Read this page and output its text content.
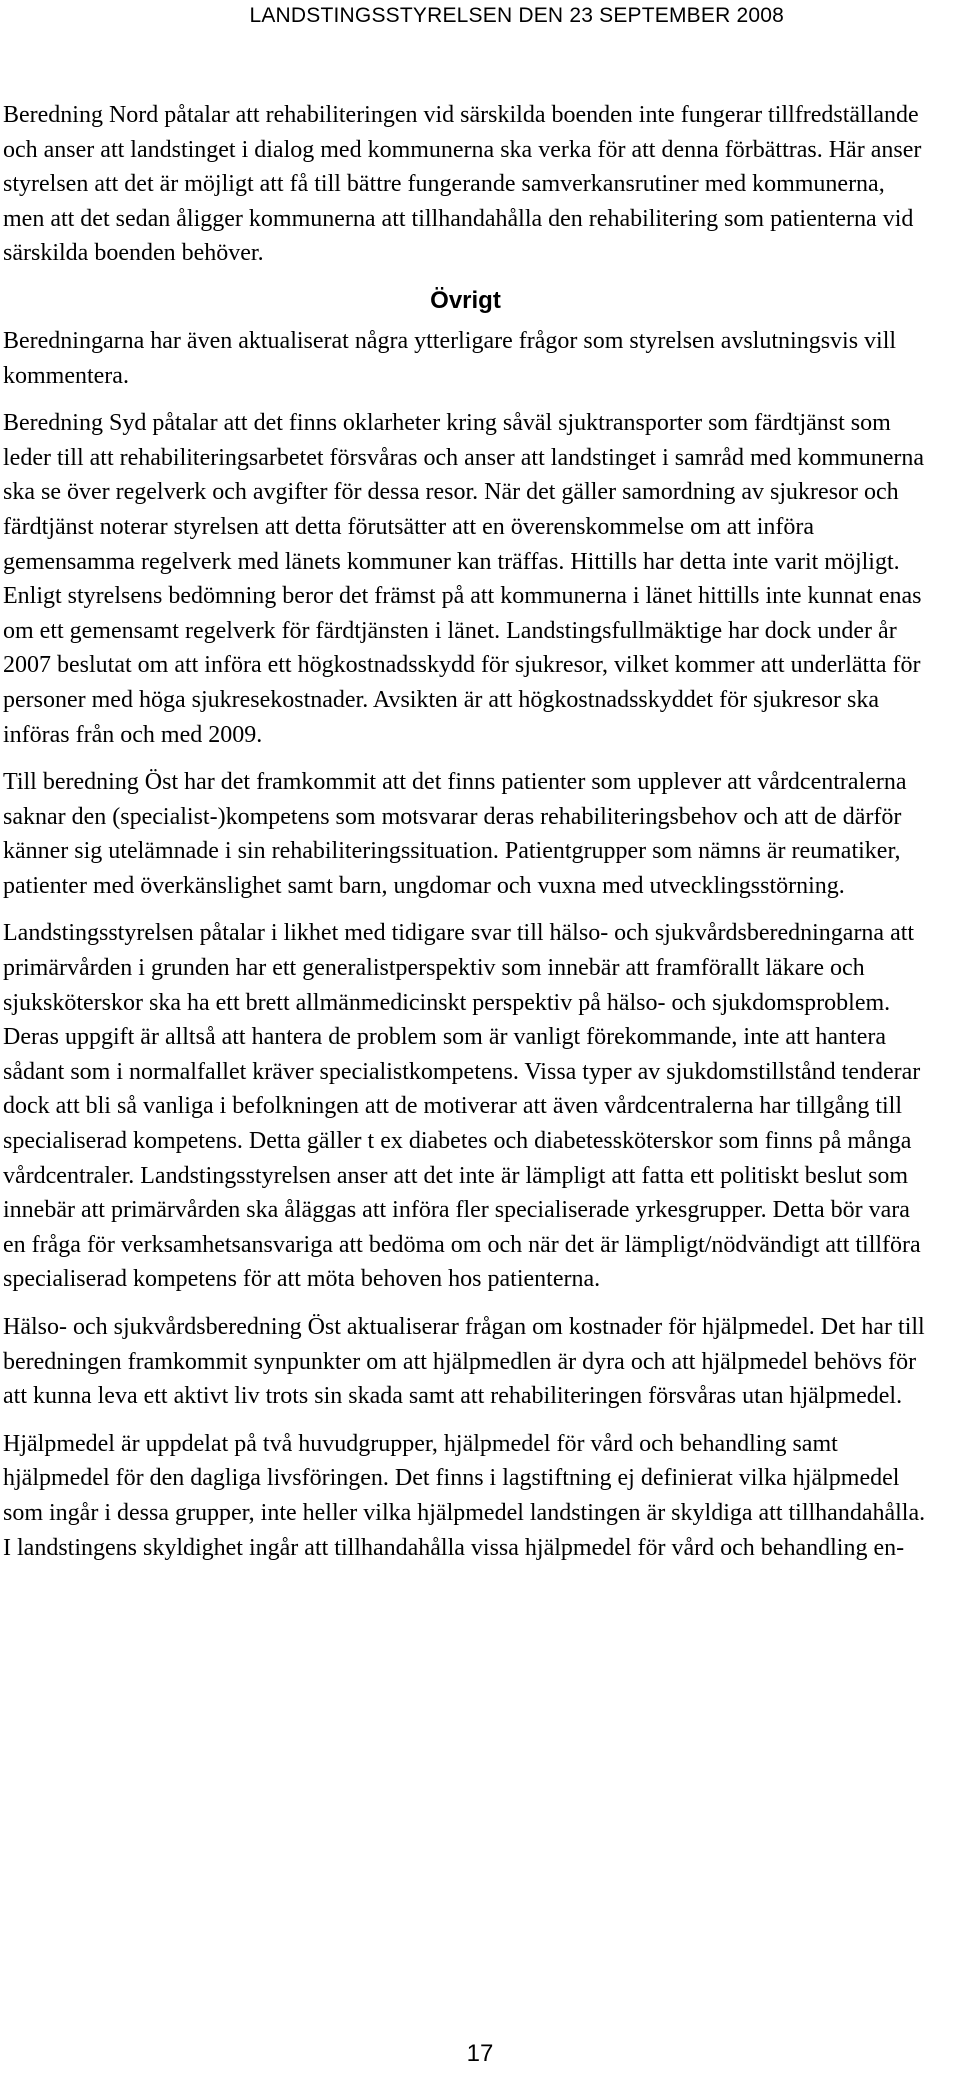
LANDSTINGSSTYRELSEN DEN 23 SEPTEMBER 2008

Beredning Nord påtalar att rehabiliteringen vid särskilda boenden inte fungerar tillfredställande och anser att landstinget i dialog med kommunerna ska verka för att denna förbättras. Här anser styrelsen att det är möjligt att få till bättre fungerande samverkansrutiner med kommunerna, men att det sedan åligger kommunerna att tillhandahålla den rehabilitering som patienterna vid särskilda boenden behöver.

Övrigt

Beredningarna har även aktualiserat några ytterligare frågor som styrelsen avslutningsvis vill kommentera.

Beredning Syd påtalar att det finns oklarheter kring såväl sjuktransporter som färdtjänst som leder till att rehabiliteringsarbetet försvåras och anser att landstinget i samråd med kommunerna ska se över regelverk och avgifter för dessa resor. När det gäller samordning av sjukresor och färdtjänst noterar styrelsen att detta förutsätter att en överenskommelse om att införa gemensamma regelverk med länets kommuner kan träffas. Hittills har detta inte varit möjligt. Enligt styrelsens bedömning beror det främst på att kommunerna i länet hittills inte kunnat enas om ett gemensamt regelverk för färdtjänsten i länet. Landstingsfullmäktige har dock under år 2007 beslutat om att införa ett högkostnadsskydd för sjukresor, vilket kommer att underlätta för personer med höga sjukresekostnader. Avsikten är att högkostnadsskyddet för sjukresor ska införas från och med 2009.

Till beredning Öst har det framkommit att det finns patienter som upplever att vårdcentralerna saknar den (specialist-)kompetens som motsvarar deras rehabiliteringsbehov och att de därför känner sig utelämnade i sin rehabiliteringssituation. Patientgrupper som nämns är reumatiker, patienter med överkänslighet samt barn, ungdomar och vuxna med utvecklingsstörning.

Landstingsstyrelsen påtalar i likhet med tidigare svar till hälso- och sjukvårdsberedningarna att primärvården i grunden har ett generalistperspektiv som innebär att framförallt läkare och sjuksköterskor ska ha ett brett allmänmedicinskt perspektiv på hälso- och sjukdomsproblem. Deras uppgift är alltså att hantera de problem som är vanligt förekommande, inte att hantera sådant som i normalfallet kräver specialistkompetens. Vissa typer av sjukdomstillstånd tenderar dock att bli så vanliga i befolkningen att de motiverar att även vårdcentralerna har tillgång till specialiserad kompetens. Detta gäller t ex diabetes och diabetessköterskor som finns på många vårdcentraler. Landstingsstyrelsen anser att det inte är lämpligt att fatta ett politiskt beslut som innebär att primärvården ska åläggas att införa fler specialiserade yrkesgrupper. Detta bör vara en fråga för verksamhetsansvariga att bedöma om och när det är lämpligt/nödvändigt att tillföra specialiserad kompetens för att möta behoven hos patienterna.

Hälso- och sjukvårdsberedning Öst aktualiserar frågan om kostnader för hjälpmedel. Det har till beredningen framkommit synpunkter om att hjälpmedlen är dyra och att hjälpmedel behövs för att kunna leva ett aktivt liv trots sin skada samt att rehabiliteringen försvåras utan hjälpmedel.

Hjälpmedel är uppdelat på två huvudgrupper, hjälpmedel för vård och behandling samt hjälpmedel för den dagliga livsföringen. Det finns i lagstiftning ej definierat vilka hjälpmedel som ingår i dessa grupper, inte heller vilka hjälpmedel landstingen är skyldiga att tillhandahålla. I landstingens skyldighet ingår att tillhandahålla vissa hjälpmedel för vård och behandling en-

17
